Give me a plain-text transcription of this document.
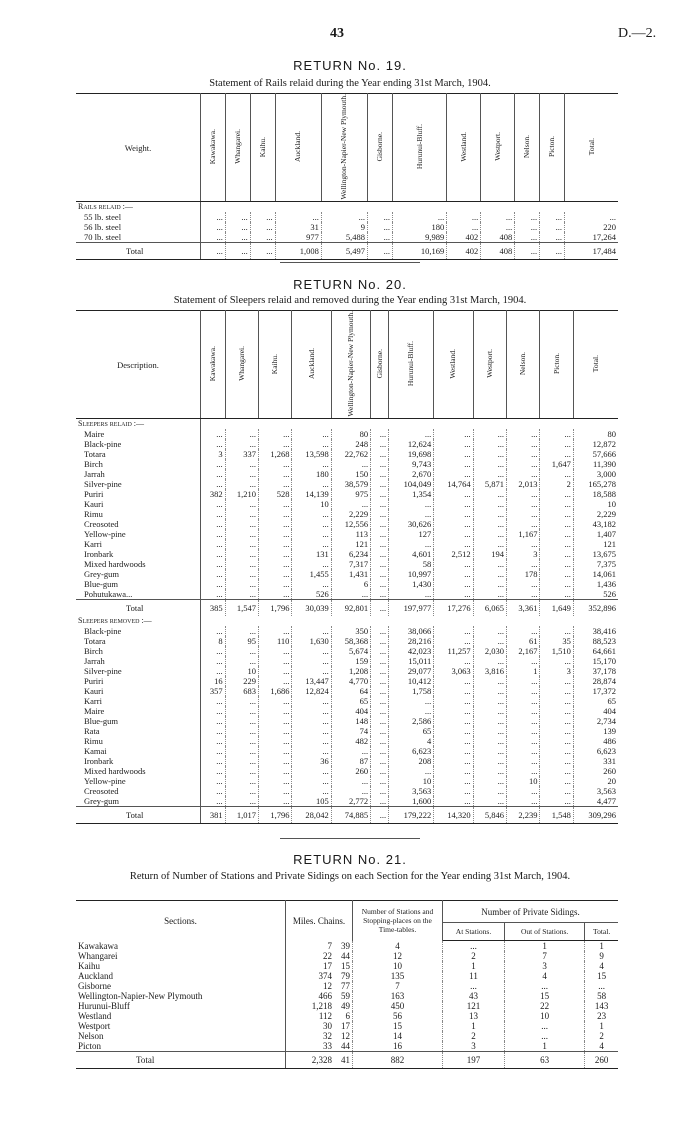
43	D.—2.
RETURN No. 19.
Statement of Rails relaid during the Year ending 31st March, 1904.
Weight.	Kawakawa.	Whangarei.	Kaihu.	Auckland.	Wellington-Napier-New Plymouth.	Gisborne.	Hurunui-Bluff.	Westland.	Westport.	Nelson.	Picton.	Total.
Rails relaid :—												
55 lb. steel	...	...	...	...	...	...	...	...	...	...	...	...
56 lb. steel	...	...	...	31	9	...	180	...	...	...	...	220
70 lb. steel	...	...	...	977	5,488	...	9,989	402	408	...	...	17,264
Total	...	...	...	1,008	5,497	...	10,169	402	408	...	...	17,484
RETURN No. 20.
Statement of Sleepers relaid and removed during the Year ending 31st March, 1904.
Description.	Kawakawa.	Whangarei.	Kaihu.	Auckland.	Wellington-Napier-New Plymouth.	Gisborne.	Hurunui-Bluff.	Westland.	Westport.	Nelson.	Picton.	Total.
Sleepers relaid :—												
Maire	...	...	...	...	80	...	...	...	...	...	...	80
Black-pine	...	...	...	...	248	...	12,624	...	...	...	...	12,872
Totara	3	337	1,268	13,598	22,762	...	19,698	...	...	...	...	57,666
Birch	...	...	...	...	...	...	9,743	...	...	...	1,647	11,390
Jarrah	...	...	...	180	150	...	2,670	...	...	...	...	3,000
Silver-pine	...	...	...	...	38,579	...	104,049	14,764	5,871	2,013	2	165,278
Puriri	382	1,210	528	14,139	975	...	1,354	...	...	...	...	18,588
Kauri	...	...	...	10	...	...	...	...	...	...	...	10
Rimu	...	...	...	...	2,229	...	...	...	...	...	...	2,229
Creosoted	...	...	...	...	12,556	...	30,626	...	...	...	...	43,182
Yellow-pine	...	...	...	...	113	...	127	...	...	1,167	...	1,407
Karri	...	...	...	...	121	...	...	...	...	...	...	121
Ironbark	...	...	...	131	6,234	...	4,601	2,512	194	3	...	13,675
Mixed hardwoods	...	...	...	...	7,317	...	58	...	...	...	...	7,375
Grey-gum	...	...	...	1,455	1,431	...	10,997	...	...	178	...	14,061
Blue-gum	...	...	...	...	6	...	1,430	...	...	...	...	1,436
Pohutukawa...	...	...	...	526	...	...	...	...	...	...	...	526
Total	385	1,547	1,796	30,039	92,801	...	197,977	17,276	6,065	3,361	1,649	352,896
Sleepers removed :—												
Black-pine	...	...	...	...	350	...	38,066	...	...	...	...	38,416
Totara	8	95	110	1,630	58,368	...	28,216	...	...	61	35	88,523
Birch	...	...	...	...	5,674	...	42,023	11,257	2,030	2,167	1,510	64,661
Jarrah	...	...	...	...	159	...	15,011	...	...	...	...	15,170
Silver-pine	...	10	...	...	1,208	...	29,077	3,063	3,816	1	3	37,178
Puriri	16	229	...	13,447	4,770	...	10,412	...	...	...	...	28,874
Kauri	357	683	1,686	12,824	64	...	1,758	...	...	...	...	17,372
Karri	...	...	...	...	65	...	...	...	...	...	...	65
Maire	...	...	...	...	404	...	...	...	...	...	...	404
Blue-gum	...	...	...	...	148	...	2,586	...	...	...	...	2,734
Rata	...	...	...	...	74	...	65	...	...	...	...	139
Rimu	...	...	...	...	482	...	4	...	...	...	...	486
Kamai	...	...	...	...	...	...	6,623	...	...	...	...	6,623
Ironbark	...	...	...	36	87	...	208	...	...	...	...	331
Mixed hardwoods	...	...	...	...	260	...	...	...	...	...	...	260
Yellow-pine	...	...	...	...	...	...	10	...	...	10	...	20
Creosoted	...	...	...	...	...	...	3,563	...	...	...	...	3,563
Grey-gum	...	...	...	105	2,772	...	1,600	...	...	...	...	4,477
Total	381	1,017	1,796	28,042	74,885	...	179,222	14,320	5,846	2,239	1,548	309,296
RETURN No. 21.
Return of Number of Stations and Private Sidings on each Section for the Year ending 31st March, 1904.
Sections.	Miles. Chains.	Number of Stations and Stopping-places on the Time-tables.	Number of Private Sidings.		
			At Stations.	Out of Stations.	Total.
Kawakawa	7 39	4	...	1	1
Whangarei	22 44	12	2	7	9
Kaihu	17 15	10	1	3	4
Auckland	374 79	135	11	4	15
Gisborne	12 77	7	...	...	...
Wellington-Napier-New Plymouth	466 59	163	43	15	58
Hurunui-Bluff	1,218 49	450	121	22	143
Westland	112 6	56	13	10	23
Westport	30 17	15	1	...	1
Nelson	32 12	14	2	...	2
Picton	33 44	16	3	1	4
Total	2,328 41	882	197	63	260
